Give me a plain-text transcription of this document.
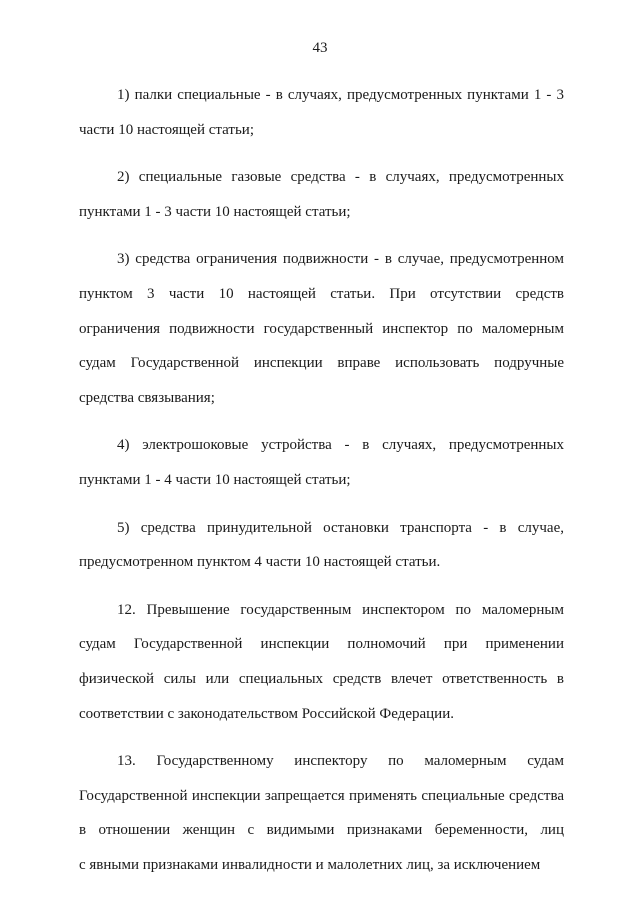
43

1) палки специальные - в случаях, предусмотренных пунктами 1 - 3 части 10 настоящей статьи;

2) специальные газовые средства - в случаях, предусмотренных пунктами 1 - 3 части 10 настоящей статьи;

3) средства ограничения подвижности - в случае, предусмотренном пунктом 3 части 10 настоящей статьи. При отсутствии средств ограничения подвижности государственный инспектор по маломерным судам Государственной инспекции вправе использовать подручные средства связывания;

4) электрошоковые устройства - в случаях, предусмотренных пунктами 1 - 4 части 10 настоящей статьи;

5) средства принудительной остановки транспорта - в случае, предусмотренном пунктом 4 части 10 настоящей статьи.

12. Превышение государственным инспектором по маломерным судам Государственной инспекции полномочий при применении физической силы или специальных средств влечет ответственность в соответствии с законодательством Российской Федерации.

13. Государственному инспектору по маломерным судам Государственной инспекции запрещается применять специальные средства в отношении женщин с видимыми признаками беременности, лиц с явными признаками инвалидности и малолетних лиц, за исключением
